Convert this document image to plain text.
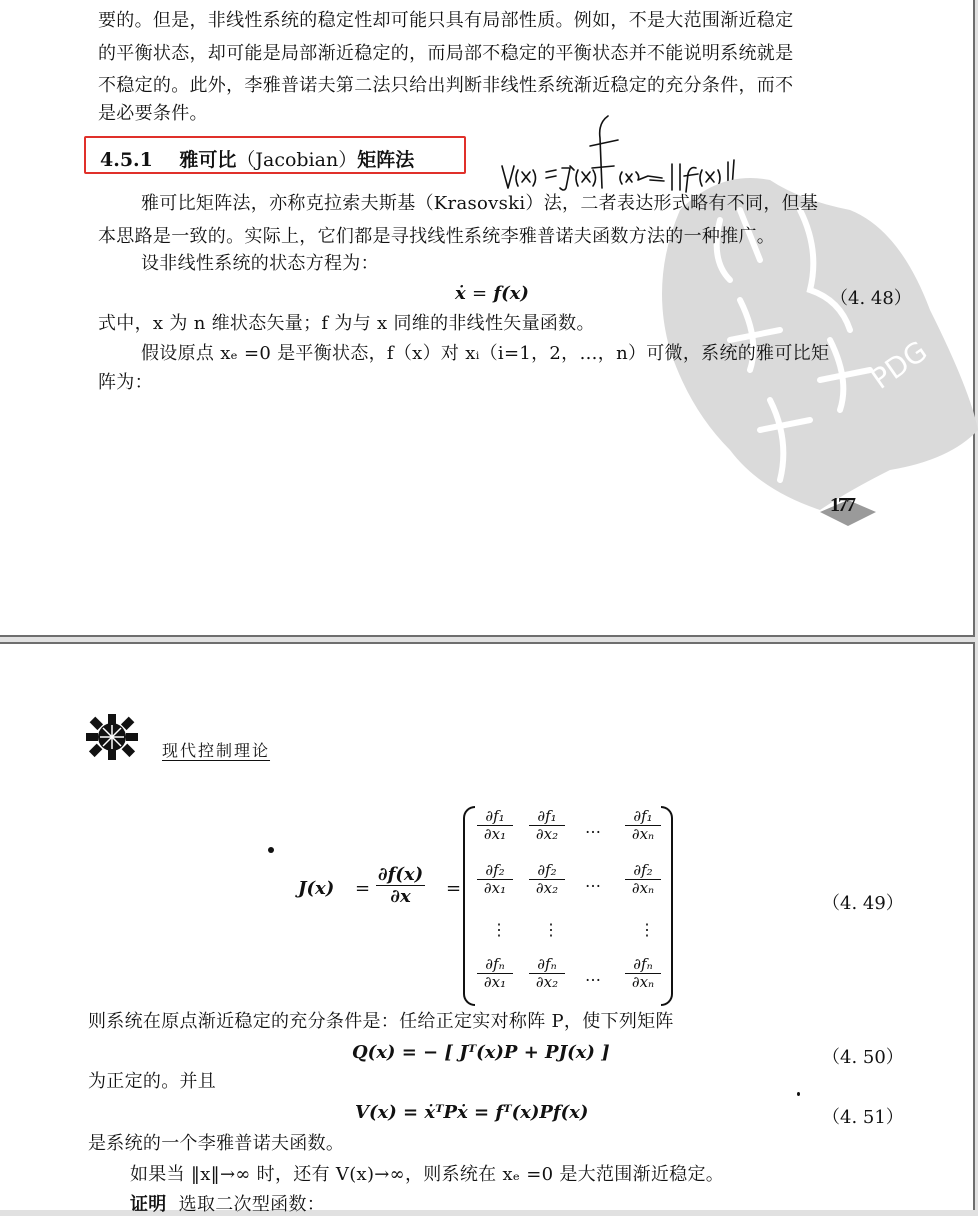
要的。但是，非线性系统的稳定性却可能只具有局部性质。例如，不是大范围渐近稳定
的平衡状态，却可能是局部渐近稳定的，而局部不稳定的平衡状态并不能说明系统就是
不稳定的。此外，李雅普诺夫第二法只给出判断非线性系统渐近稳定的充分条件，而不
是必要条件。
4.5.1 雅可比（Jacobian）矩阵法
PDG
雅可比矩阵法，亦称克拉索夫斯基（Krasovski）法，二者表达形式略有不同，但基
本思路是一致的。实际上，它们都是寻找线性系统李雅普诺夫函数方法的一种推广。
设非线性系统的状态方程为：
ẋ = f(x)	（4. 48）
式中，x 为 n 维状态矢量；f 为与 x 同维的非线性矢量函数。
假设原点 xₑ =0 是平衡状态，f（x）对 xᵢ（i=1，2，…，n）可微，系统的雅可比矩
阵为：
177
现代控制理论
$J(x) = \frac{\partial f(x)}{\partial x}$ =
$\frac{\text{∂f₁}}{\text{∂x₁}} \frac{\text{∂f₁}}{\text{∂x₂}}$ … $\frac{\text{∂f₁}}{\text{∂xₙ}}$
$\frac{\text{∂f₂}}{\text{∂x₁}} \frac{\text{∂f₂}}{\text{∂x₂}}$ … $\frac{\text{∂f₂}}{\text{∂xₙ}}$
⋮ ⋮	⋮
$\frac{\text{∂fₙ}}{\text{∂x₁}} \frac{\text{∂fₙ}}{\text{∂x₂}}$ … $\frac{\text{∂fₙ}}{\text{∂xₙ}}$
（4. 49）
则系统在原点渐近稳定的充分条件是：任给正定实对称阵 P，使下列矩阵
Q(x) = − [ Jᵀ(x)P + PJ(x) ]	（4. 50）
为正定的。并且
V(x) = ẋᵀPẋ = fᵀ(x)Pf(x)	（4. 51）
是系统的一个李雅普诺夫函数。
如果当 ‖x‖→∞ 时，还有 V(x)→∞，则系统在 xₑ =0 是大范围渐近稳定。
证明 选取二次型函数：
